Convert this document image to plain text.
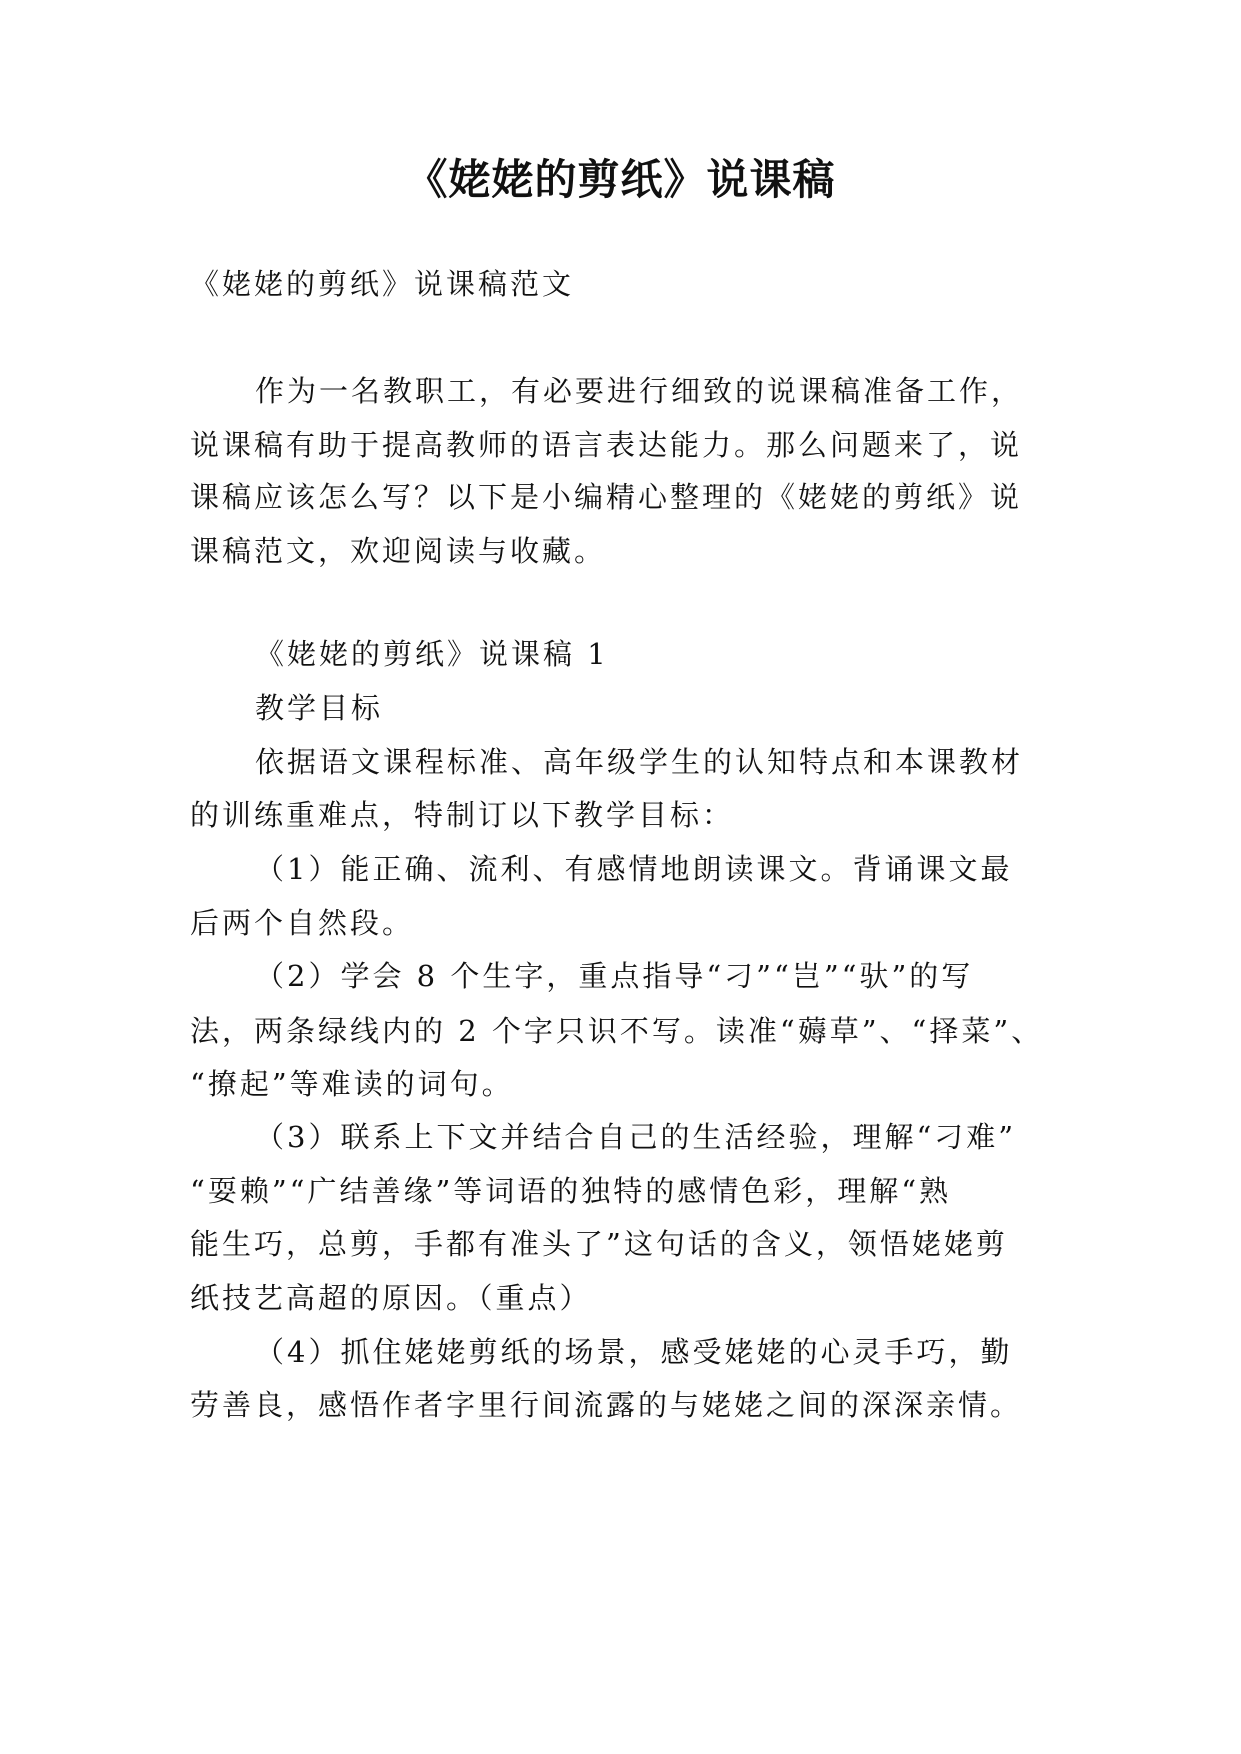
《姥姥的剪纸》说课稿
《姥姥的剪纸》说课稿范文
作为一名教职工，有必要进行细致的说课稿准备工作，
说课稿有助于提高教师的语言表达能力。那么问题来了，说
课稿应该怎么写？以下是小编精心整理的《姥姥的剪纸》说
课稿范文，欢迎阅读与收藏。
《姥姥的剪纸》说课稿 1
教学目标
依据语文课程标准、高年级学生的认知特点和本课教材
的训练重难点，特制订以下教学目标：
（1）能正确、流利、有感情地朗读课文。背诵课文最
后两个自然段。
（2）学会 8 个生字，重点指导“刁”“岂”“驮”的写
法，两条绿线内的 2 个字只识不写。读准“薅草”、“择菜”、
“撩起”等难读的词句。
（3）联系上下文并结合自己的生活经验，理解“刁难”
“耍赖”“广结善缘”等词语的独特的感情色彩，理解“熟
能生巧，总剪，手都有准头了”这句话的含义，领悟姥姥剪
纸技艺高超的原因。（重点）
（4）抓住姥姥剪纸的场景，感受姥姥的心灵手巧，勤
劳善良，感悟作者字里行间流露的与姥姥之间的深深亲情。
